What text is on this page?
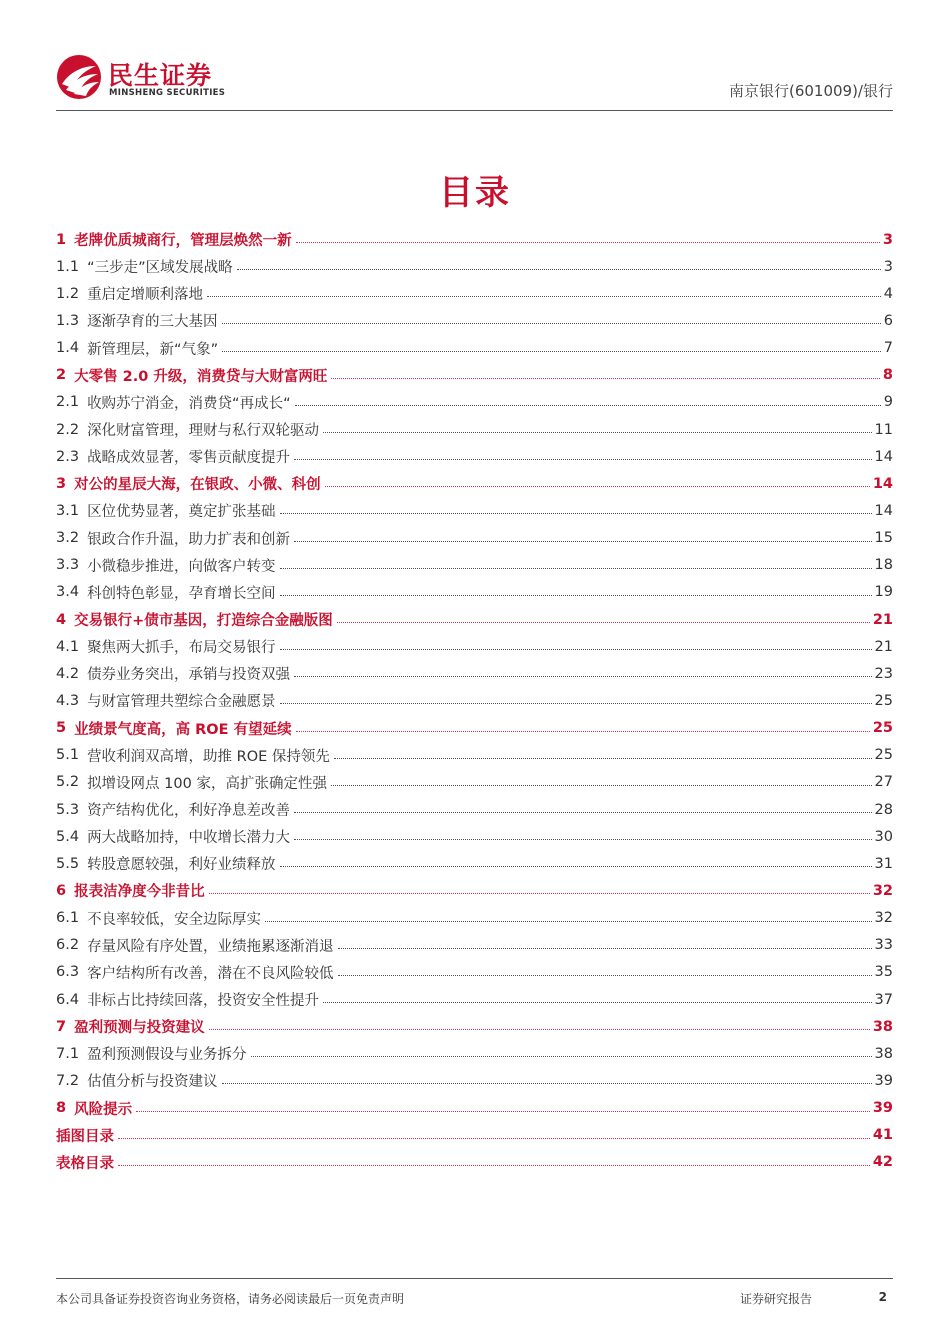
民生证券
MINSHENG SECURITIES	南京银行(601009)/银行
目录
1 老牌优质城商行，管理层焕然一新	3
1.1 “三步走”区域发展战略	3
1.2 重启定增顺利落地	4
1.3 逐渐孕育的三大基因	6
1.4 新管理层，新“气象”	7
2 大零售 2.0 升级，消费贷与大财富两旺	8
2.1 收购苏宁消金，消费贷“再成长“	9
2.2 深化财富管理，理财与私行双轮驱动	11
2.3 战略成效显著，零售贡献度提升	14
3 对公的星辰大海，在银政、小微、科创	14
3.1 区位优势显著，奠定扩张基础	14
3.2 银政合作升温，助力扩表和创新	15
3.3 小微稳步推进，向做客户转变	18
3.4 科创特色彰显，孕育增长空间	19
4 交易银行+债市基因，打造综合金融版图	21
4.1 聚焦两大抓手，布局交易银行	21
4.2 债券业务突出，承销与投资双强	23
4.3 与财富管理共塑综合金融愿景	25
5 业绩景气度高，高 ROE 有望延续	25
5.1 营收利润双高增，助推 ROE 保持领先	25
5.2 拟增设网点 100 家，高扩张确定性强	27
5.3 资产结构优化，利好净息差改善	28
5.4 两大战略加持，中收增长潜力大	30
5.5 转股意愿较强，利好业绩释放	31
6 报表洁净度今非昔比	32
6.1 不良率较低，安全边际厚实	32
6.2 存量风险有序处置，业绩拖累逐渐消退	33
6.3 客户结构所有改善，潜在不良风险较低	35
6.4 非标占比持续回落，投资安全性提升	37
7 盈利预测与投资建议	38
7.1 盈利预测假设与业务拆分	38
7.2 估值分析与投资建议	39
8 风险提示	39
插图目录	41
表格目录	42
本公司具备证券投资咨询业务资格，请务必阅读最后一页免责声明	证券研究报告	2
